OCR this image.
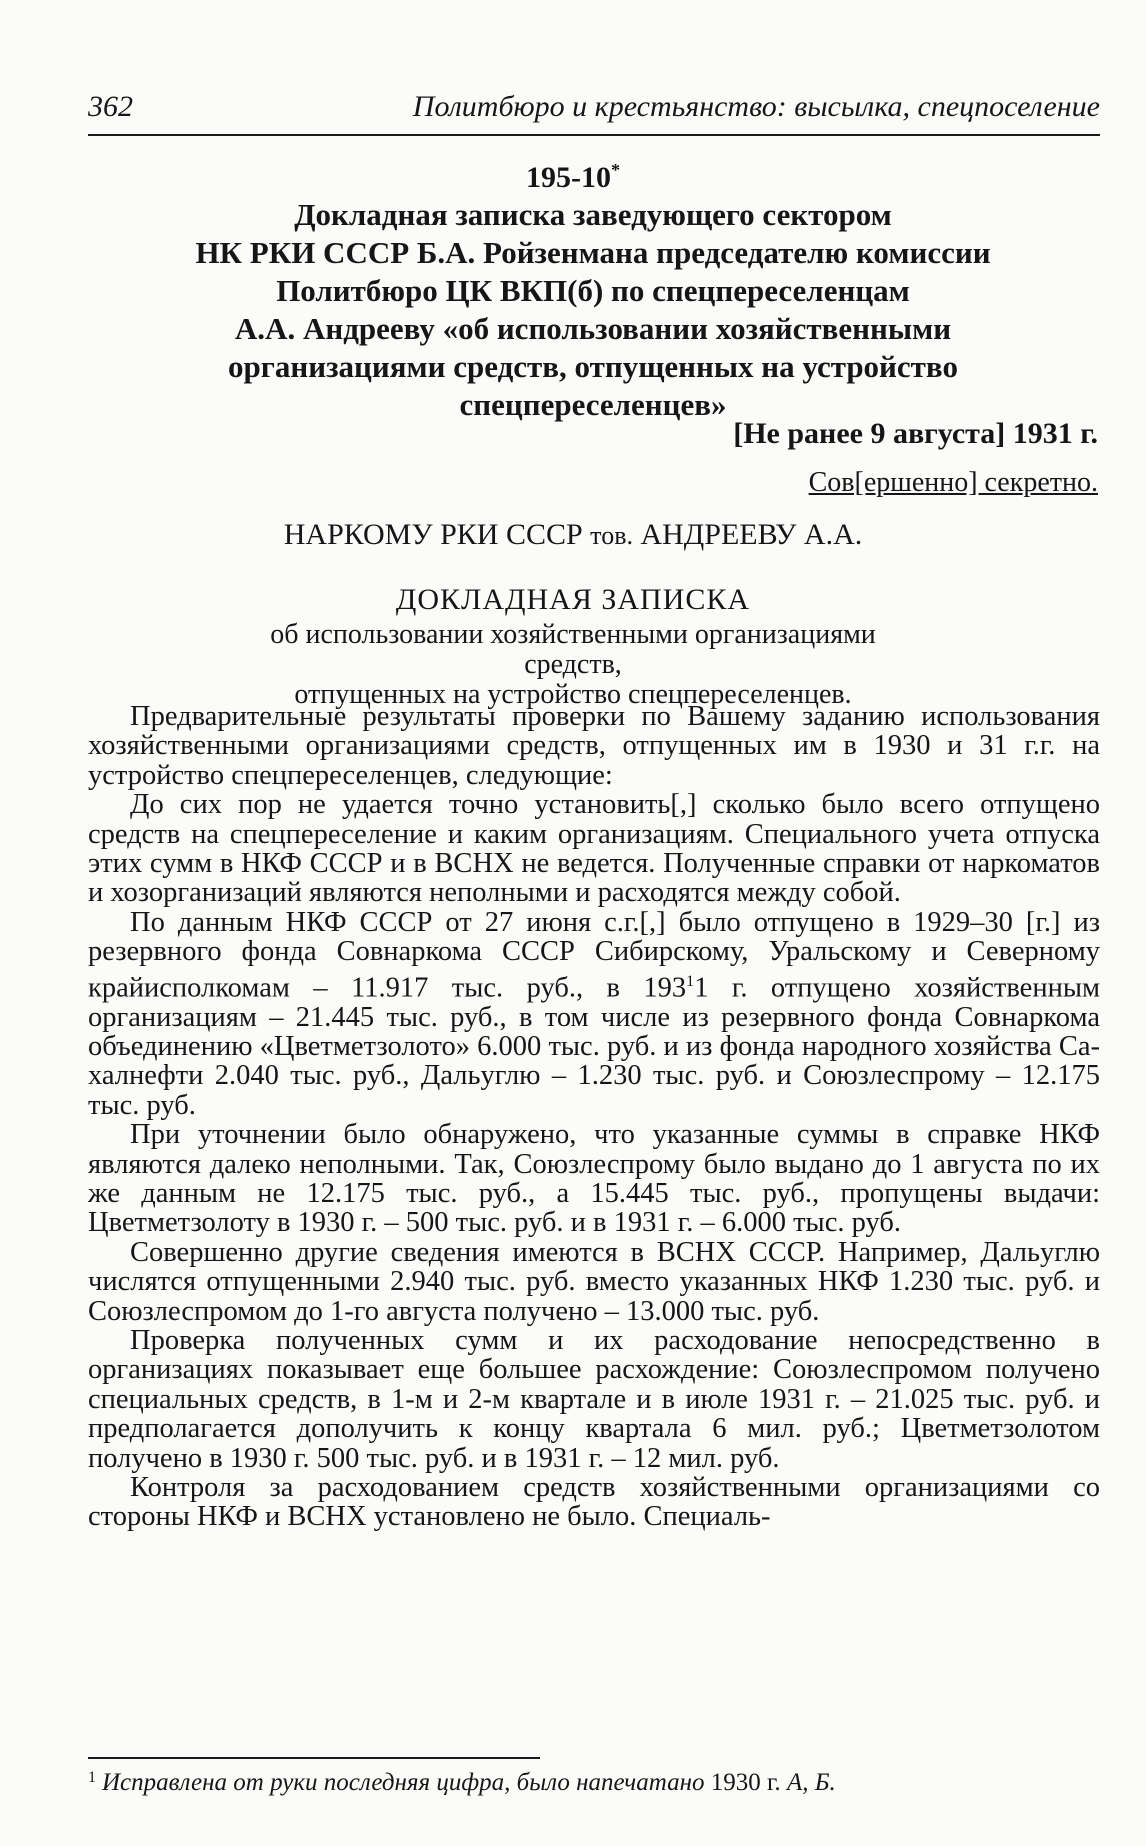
362	Политбюро и крестьянство: высылка, спецпоселение
195-10*
Докладная записка заведующего сектором
НК РКИ СССР Б.А. Ройзенмана председателю комиссии
Политбюро ЦК ВКП(б) по спецпереселенцам
А.А. Андрееву «об использовании хозяйственными
организациями средств, отпущенных на устройство
спецпереселенцев»
[Не ранее 9 августа] 1931 г.
Сов[ершенно] секретно.
НАРКОМУ РКИ СССР тов. АНДРЕЕВУ А.А.
ДОКЛАДНАЯ ЗАПИСКА
об использовании хозяйственными организациями средств,
отпущенных на устройство спецпереселенцев.

Предварительные результаты проверки по Вашему заданию использования хозяйственными организациями средств, отпущенных им в 1930 и 31 г.г. на устройство спецпереселенцев, следующие:

До сих пор не удается точно установить[,] сколько было всего отпущено средств на спецпереселение и каким организациям. Специального учета отпуска этих сумм в НКФ СССР и в ВСНХ не ведется. Полученные справки от наркоматов и хозорганизаций являются неполными и расходятся между собой.

По данным НКФ СССР от 27 июня с.г.[,] было отпущено в 1929–30 [г.] из резервного фонда Совнаркома СССР Сибирскому, Уральскому и Северному крайисполкомам – 11.917 тыс. руб., в $193^11$ г. отпущено хозяйственным организациям – 21.445 тыс. руб., в том числе из резервного фонда Совнаркома объединению «Цветметзолото» 6.000 тыс. руб. и из фонда народного хозяйства Сахалнефти 2.040 тыс. руб., Дальуглю – 1.230 тыс. руб. и Союзлеспрому – 12.175 тыс. руб.

При уточнении было обнаружено, что указанные суммы в справке НКФ являются далеко неполными. Так, Союзлеспрому было выдано до 1 августа по их же данным не 12.175 тыс. руб., а 15.445 тыс. руб., пропущены выдачи: Цветметзолоту в 1930 г. – 500 тыс. руб. и в 1931 г. – 6.000 тыс. руб.

Совершенно другие сведения имеются в ВСНХ СССР. Например, Дальуглю числятся отпущенными 2.940 тыс. руб. вместо указанных НКФ 1.230 тыс. руб. и Союзлеспромом до 1-го августа получено – 13.000 тыс. руб.

Проверка полученных сумм и их расходование непосредственно в организациях показывает еще большее расхождение: Союзлеспромом получено специальных средств, в 1-м и 2-м квартале и в июле 1931 г. – 21.025 тыс. руб. и предполагается дополучить к концу квартала 6 мил. руб.; Цветметзолотом получено в 1930 г. 500 тыс. руб. и в 1931 г. – 12 мил. руб.

Контроля за расходованием средств хозяйственными организациями со стороны НКФ и ВСНХ установлено не было. Специаль-

$^1$ Исправлена от руки последняя цифра, было напечатано 1930 г. А, Б.
